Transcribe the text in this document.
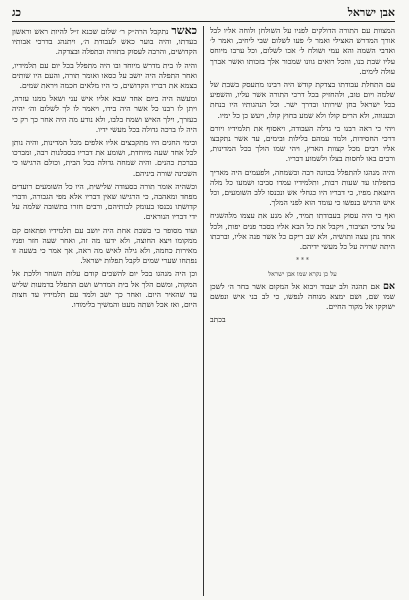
אבן ישראל
כג

המצוות עם התורה הדולקים לפניו על השולחן ולוחה אליו לבל אורך המדרש האצילי ואמר ל׳ פעו לשלום שבי ליחיב, ואמר ל׳ ואדבי השמה והא עמי ושולח ל׳ אכו לשלום, וכל ערבו מיוחס עליו שבת בנו, והכל רואים גוונו שמכור אלך בזכותו ואשר אברך עולה לימים.

עם התחלת עבודתו בצדקת קודש היה רבינו מתעסק בשבת של שלמה ויום טוב, ולהחזיק בכל דרכי התורה אשר עליו, והשפיע בכל ישראל בחן שירותו ובדרך ישר. וכל הנהגותיו היו בנחת ובענווה, ולא הרים קולו ולא שמע בחוץ קולו, ויעש כן כל ימיו.

ויהי כי ראה רבנו כי גדלה העבודה, ויאסוף את תלמידיו ויורם דרכי החסידות, ולמד עמהם בלילות ובימים, עד אשר נתקבצו אליו רבים מכל קצוות הארץ, ויהי שמו הולך בכל המדינות, ורבים באו לחסות בצלו ולשמוע דבריו.

והיה מנהגו להתפלל בכוונה רבה ובשמחה, ולפעמים היה מאריך בתפלתו עד שעות רבות, ותלמידיו עמדו סביבו ושמעו כל מלה היוצאת מפיו, כי דבריו היו כגחלי אש ונכנסו ללב השומעים, וכל איש הרגיש בנפשו כי עומד הוא לפני המלך.

ואף כי היה עסוק בעבודתו תמיד, לא מנע את עצמו מלהשגיח על צרכי הציבור, ויקבל את כל הבא אליו בסבר פנים יפות, ולכל אחד נתן עצה ותושיה, ולא שב ריקם כל אשר פנה אליו, וברכתו היתה שרויה על כל מעשי ידיהם.

* * *
על כן נקרא שמו אבן ישראל

אם אם תהגה ולב יעבוד ויבוא אל המקום אשר בחר ה׳ לשכן שמו שם, ושם ימצא מנוחה לנפשו, כי לב בני איש ונפשם ישוקקו אל מקור החיים.

בכתב

כאשר נתקבל הרה״ק ר׳ שלום שכנא ז״ל להיות ראש וראשון בעדתו, והיה בוער כאש לעבודת ה׳, ויתנהג בדרכי אבותיו הקדושים, והרבה לעסוק בתורה ובתפלה ובצדקה.

והיה לו בית מדרש מיוחד ובו היה מתפלל בכל יום עם תלמידיו, ואחר התפלה היה יושב על כסאו ואומר תורה, והעם היו שותים בצמא את דבריו הקדושים, כי היו מלאים חכמה ויראת שמים.

ומעשה היה ביום אחד שבא אליו איש עני ושאל ממנו עזרה, ויתן לו רבנו כל אשר היה בידו, ויאמר לו לך לשלום וה׳ יהיה בעזרך, וילך האיש ושמח בלבו, ולא נודע מה היה אחר כך רק כי היה לו ברכה גדולה בכל מעשי ידיו.

ובימי החגים היו מתקבצים אליו אלפים מכל המדינות, והיה נותן לכל אחד שעה מיוחדת, ושומע את דבריו בסבלנות רבה, ומברכו בברכת כהנים. והיה שמחה גדולה בכל הבית, וכולם הרגישו כי השכינה שורה ביניהם.

וכשהיה אומר תורה בסעודה שלישית, היו כל השומעים רועדים מפחד ומאהבה, כי הרגישו שאין דבריו אלא מפי הגבורה, ודברי קדושתו נכנסו בעומק לבותיהם, ורבים חזרו בתשובה שלמה על ידי דבריו הנוראים.

ועוד מסופר כי בשבת אחת היה יושב עם תלמידיו ופתאום קם ממקומו ויצא החוצה, ולא ידעו מה זה, ואחר שעה חזר ופניו מאירות כחמה, ולא גילה לאיש מה ראה, אך אמר כי בשעה זו נפתחו שערי שמים לקבל תפלות ישראל.

וכן היה מנהגו בכל יום להשכים קודם עלות השחר וללכת אל המקוה, ומשם הלך אל בית המדרש ושם התפלל בדמעות שליש עד שהאיר היום. ואחר כך ישב ולמד עם תלמידיו עד חצות היום, ואז אכל ושתה מעט והמשיך בלימודו.
